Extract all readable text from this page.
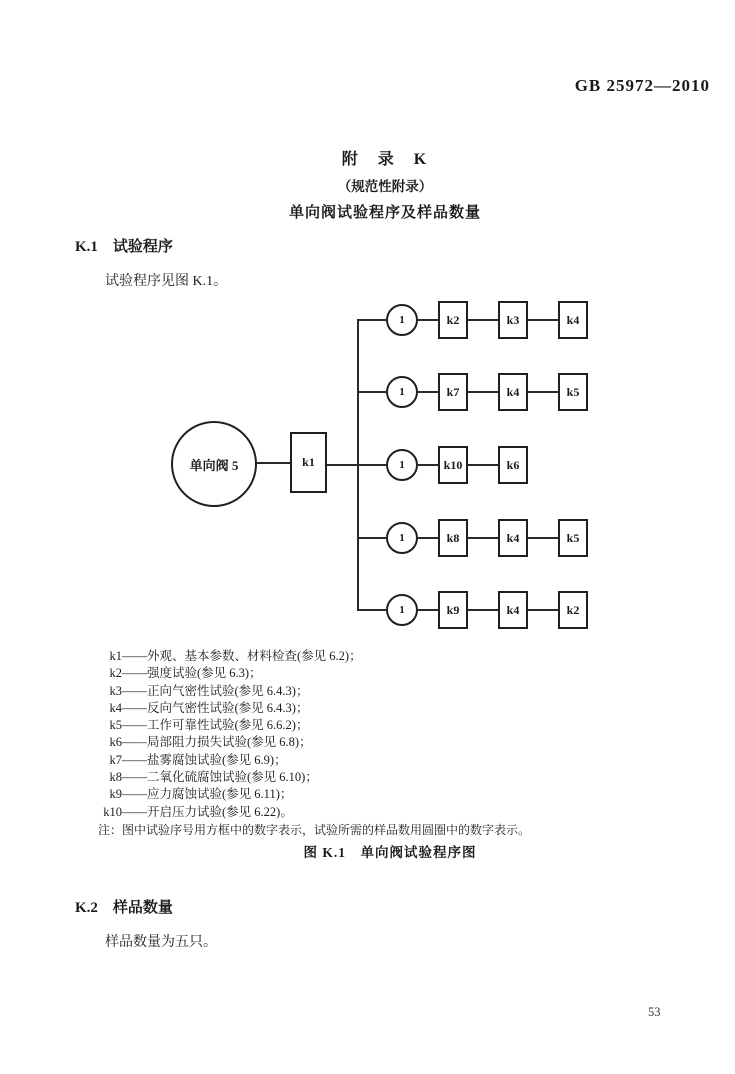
GB 25972—2010
附　录　K
（规范性附录）
单向阀试验程序及样品数量
K.1　试验程序
试验程序见图 K.1。
单向阀 5	k1
1	k2	k3	k4
1	k7	k4	k5
1	k10	k6
1	k8	k4	k5
1	k9	k4	k2
k1 ——外观、基本参数、材料检查(参见 6.2)；
k2 ——强度试验(参见 6.3)；
k3 ——正向气密性试验(参见 6.4.3)；
k4 ——反向气密性试验(参见 6.4.3)；
k5 ——工作可靠性试验(参见 6.6.2)；
k6 ——局部阻力损失试验(参见 6.8)；
k7 ——盐雾腐蚀试验(参见 6.9)；
k8 ——二氧化硫腐蚀试验(参见 6.10)；
k9 ——应力腐蚀试验(参见 6.11)；
k10 ——开启压力试验(参见 6.22)。
注：图中试验序号用方框中的数字表示，试验所需的样品数用圆圈中的数字表示。
图 K.1　单向阀试验程序图
K.2　样品数量
样品数量为五只。
53
